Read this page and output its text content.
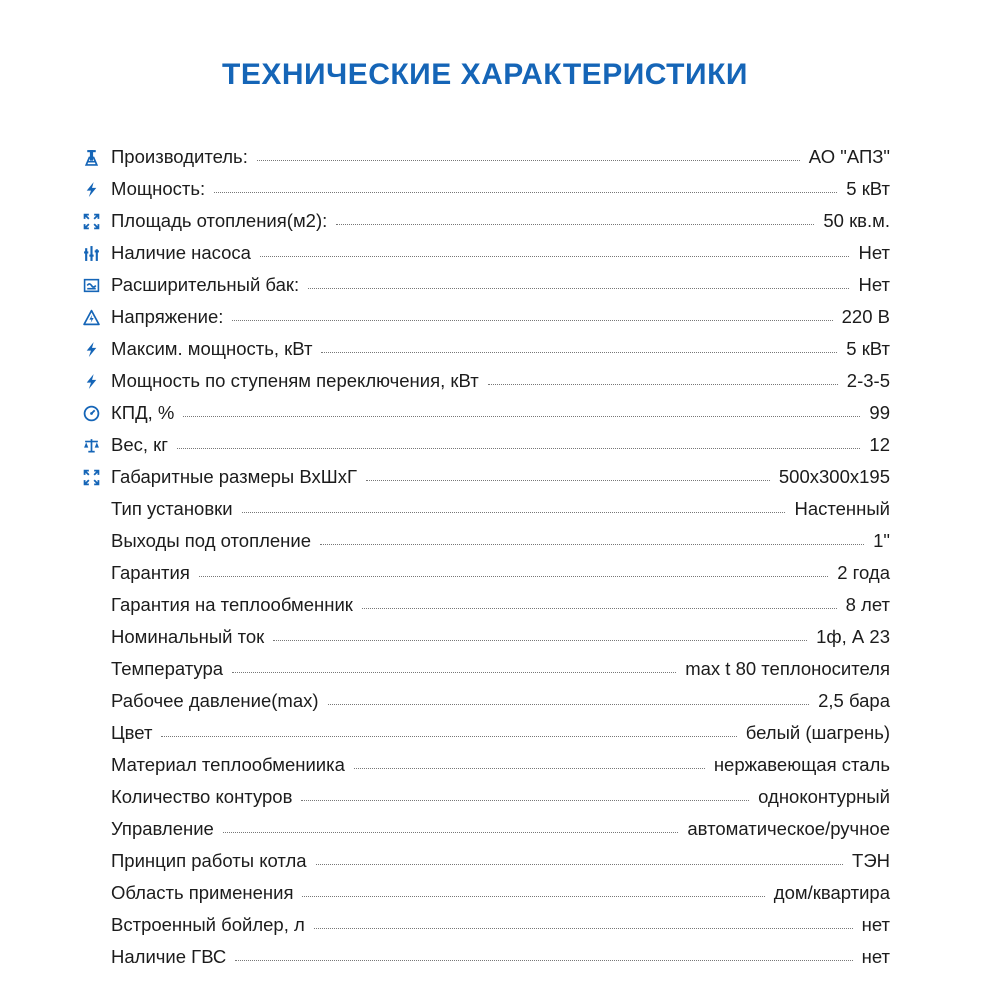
ТЕХНИЧЕСКИЕ ХАРАКТЕРИСТИКИ
Производитель:	АО "АПЗ"
Мощность:	5 кВт
Площадь отопления(м2):	50 кв.м.
Наличие насоса	Нет
Расширительный бак:	Нет
Напряжение:	220 В
Максим. мощность, кВт	5 кВт
Мощность по ступеням переключения, кВт	2-3-5
КПД, %	99
Вес, кг	12
Габаритные размеры ВхШхГ	500x300x195
Тип установки	Настенный
Выходы под отопление	1"
Гарантия	2 года
Гарантия на теплообменник	8 лет
Номинальный ток	1ф, А 23
Температура	max t 80 теплоносителя
Рабочее давление(max)	2,5 бара
Цвет	белый (шагрень)
Материал теплообмениика	нержавеющая сталь
Количество контуров	одноконтурный
Управление	автоматическое/ручное
Принцип работы котла	ТЭН
Область применения	дом/квартира
Встроенный бойлер, л	нет
Наличие ГВС	нет
